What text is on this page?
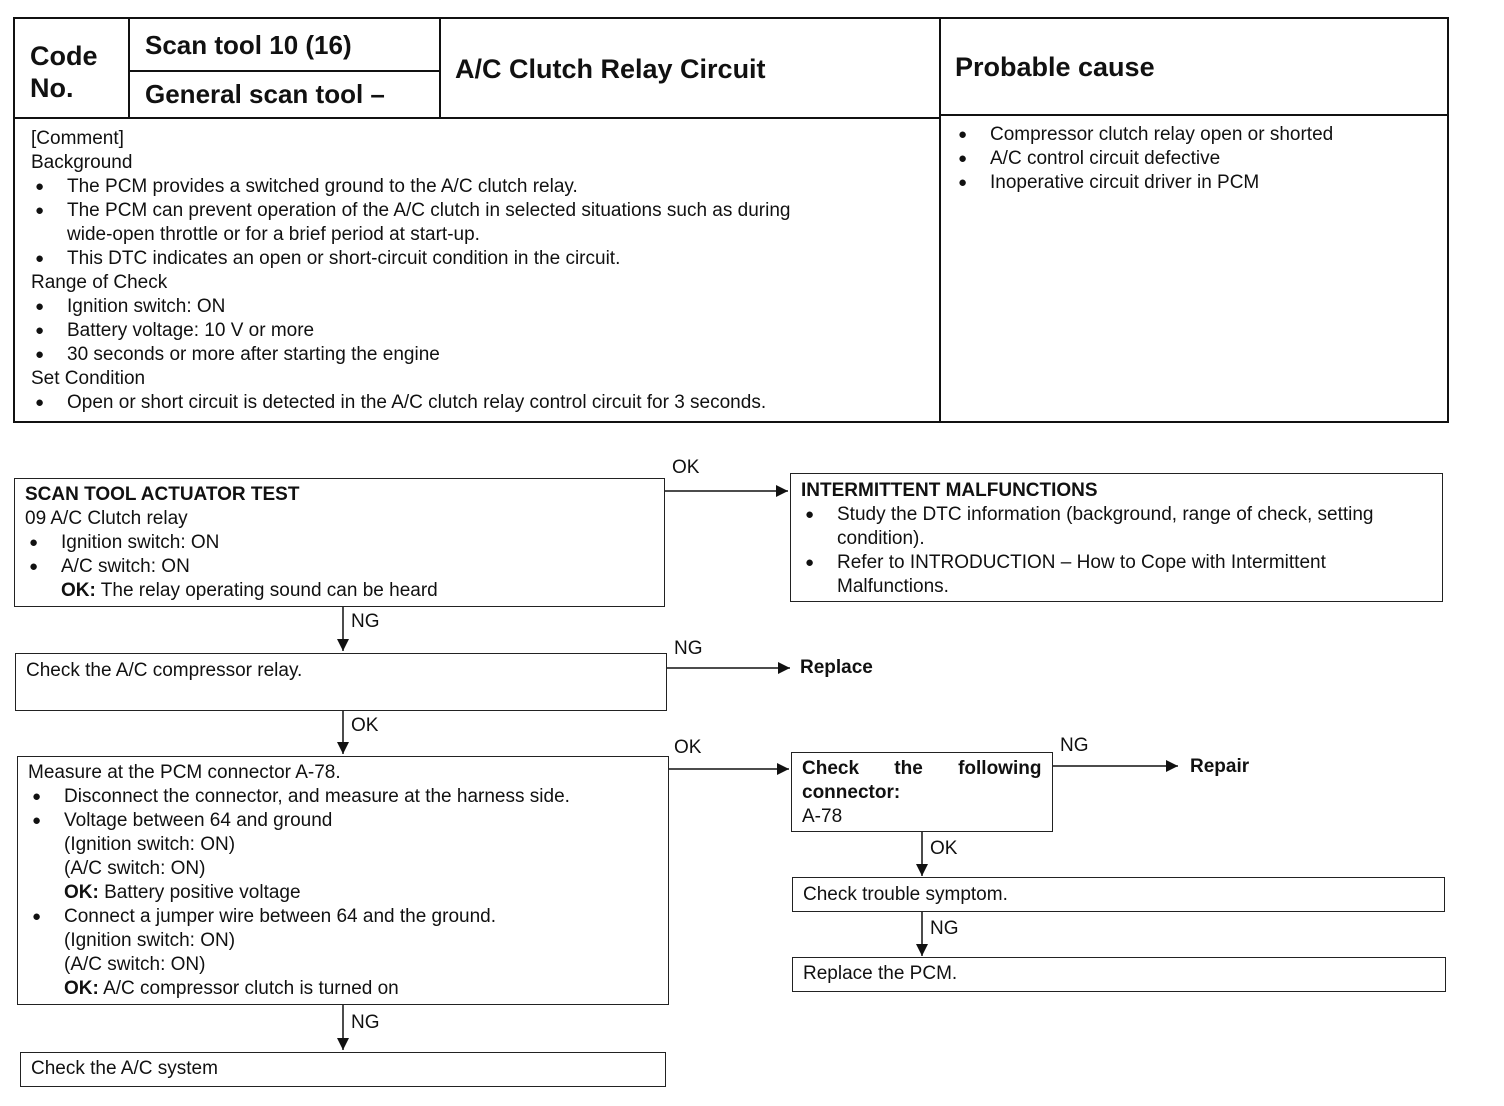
Code
No.
Scan tool 10 (16)
General scan tool –
A/C Clutch Relay Circuit	Probable cause
[Comment]
Background
● The PCM provides a switched ground to the A/C clutch relay.
● The PCM can prevent operation of the A/C clutch in selected situations such as during
wide-open throttle or for a brief period at start-up.
● This DTC indicates an open or short-circuit condition in the circuit.
Range of Check
● Ignition switch: ON
● Battery voltage: 10 V or more
● 30 seconds or more after starting the engine
Set Condition
● Open or short circuit is detected in the A/C clutch relay control circuit for 3 seconds.
● Compressor clutch relay open or shorted
● A/C control circuit defective
● Inoperative circuit driver in PCM
OK
NG
NG
OK
OK	NG
OK
NG
NG
SCAN TOOL ACTUATOR TEST
09 A/C Clutch relay
● Ignition switch: ON
● A/C switch: ON
OK: The relay operating sound can be heard
INTERMITTENT MALFUNCTIONS
● Study the DTC information (background, range of check, setting
condition).
● Refer to INTRODUCTION – How to Cope with Intermittent
Malfunctions.
Check the A/C compressor relay.	Replace
Measure at the PCM connector A-78.
● Disconnect the connector, and measure at the harness side.
● Voltage between 64 and ground
(Ignition switch: ON)
(A/C switch: ON)
OK: Battery positive voltage
● Connect a jumper wire between 64 and the ground.
(Ignition switch: ON)
(A/C switch: ON)
OK: A/C compressor clutch is turned on
Check the following
connector:
A-78
Repair
Check trouble symptom.
Replace the PCM.
Check the A/C system
